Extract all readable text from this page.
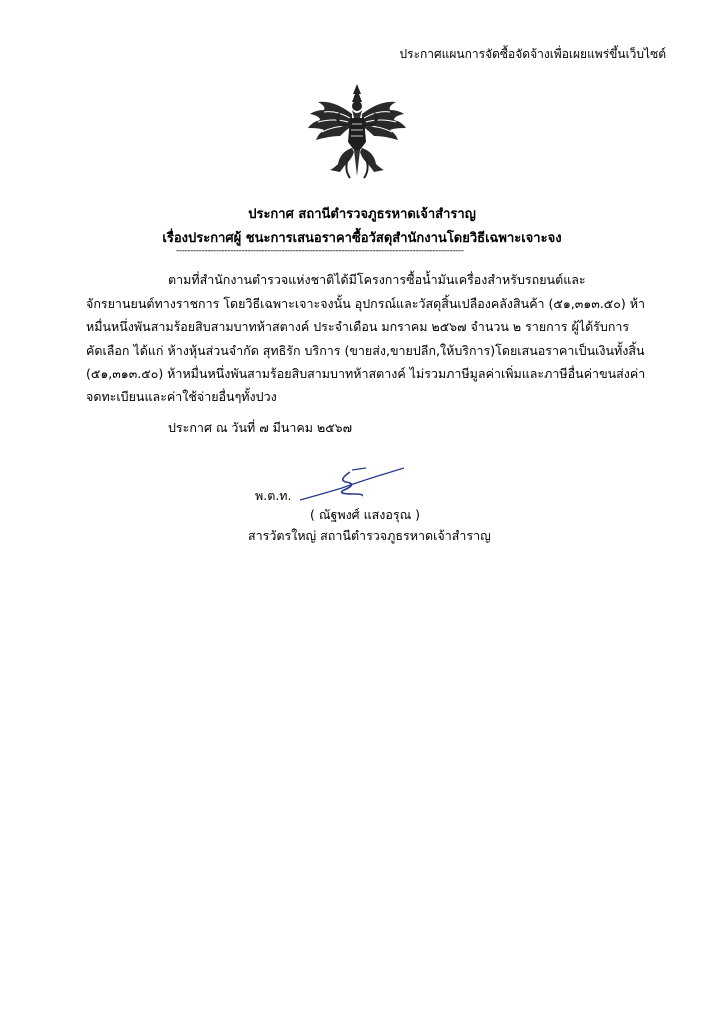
ประกาศแผนการจัดซื้อจัดจ้างเพื่อเผยแพร่ขึ้นเว็บไซต์
ประกาศ สถานีตำรวจภูธรหาดเจ้าสำราญ
เรื่องประกาศผู้ ชนะการเสนอราคาซื้อวัสดุสำนักงานโดยวิธีเฉพาะเจาะจง
-----------------------------------------------------------------------------------------------------
ตามที่สำนักงานตำรวจแห่งชาติได้มีโครงการซื้อน้ำมันเครื่องสำหรับรถยนต์และ
จักรยานยนต์ทางราชการ โดยวิธีเฉพาะเจาะจงนั้น อุปกรณ์และวัสดุสิ้นเปลืองคลังสินค้า (๕๑,๓๑๓.๕๐) ห้า
หมื่นหนึ่งพันสามร้อยสิบสามบาทห้าสตางค์ ประจำเดือน มกราคม ๒๕๖๗ จำนวน ๒ รายการ ผู้ได้รับการ
คัดเลือก ได้แก่ ห้างหุ้นส่วนจำกัด สุทธิรัก บริการ (ขายส่ง,ขายปลีก,ให้บริการ)โดยเสนอราคาเป็นเงินทั้งสิ้น
(๕๑,๓๑๓.๕๐) ห้าหมื่นหนึ่งพันสามร้อยสิบสามบาทห้าสตางค์ ไม่รวมภาษีมูลค่าเพิ่มและภาษีอื่นค่าขนส่งค่า
จดทะเบียนและค่าใช้จ่ายอื่นๆทั้งปวง
ประกาศ ณ วันที่ ๗ มีนาคม ๒๕๖๗
พ.ต.ท.
( ณัฐพงศ์ แสงอรุณ )
สารวัตรใหญ่ สถานีตำรวจภูธรหาดเจ้าสำราญ
